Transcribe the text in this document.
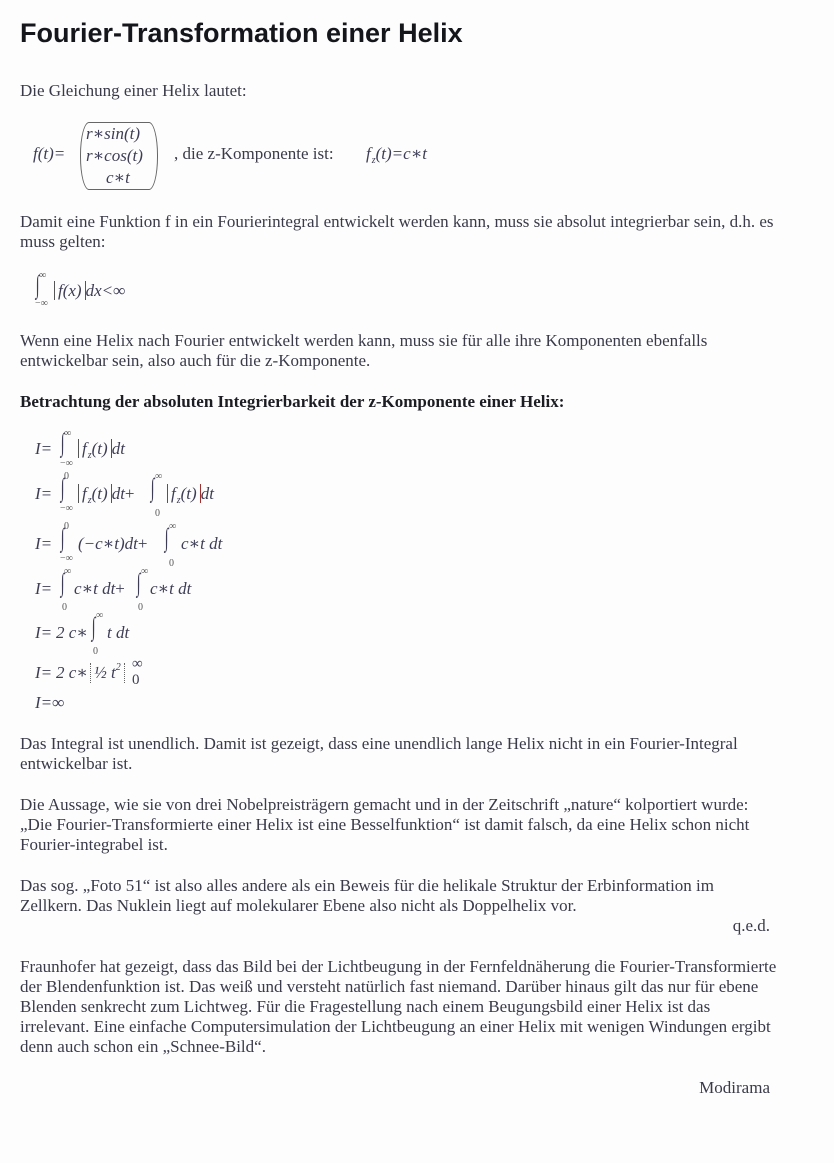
Fourier-Transformation einer Helix

Die Gleichung einer Helix lautet:

f(t)=
r∗sin(t)
r∗cos(t)
c∗t
, die z-Komponente ist: $f_z(t)=c∗t$

Damit eine Funktion f in ein Fourierintegral entwickelt werden kann, muss sie absolut integrierbar sein, d.h. es muss gelten:

∞
∫
−∞
f(x) dx<∞

Wenn eine Helix nach Fourier entwickelt werden kann, muss sie für alle ihre Komponenten ebenfalls entwickelbar sein, also auch für die z-Komponente.

Betrachtung der absoluten Integrierbarkeit der z-Komponente einer Helix:

I=
∞
∫
−∞
$f_z(t)$ dt
I=
0
∫
−∞
$f_z(t)$ dt+
∞
∫
0
$f_z(t)$ dt
I=
0
∫
−∞
(−c∗t)dt+
∞
∫
0
c∗t dt
I=
∞
∫
0
c∗t dt+
∞
∫
0
c∗t dt
I= 2 c∗
∞
∫
0
t dt
I= 2 c∗ ½ $t^2$ ∞
0
I=∞

Das Integral ist unendlich. Damit ist gezeigt, dass eine unendlich lange Helix nicht in ein Fourier-Integral entwickelbar ist.

Die Aussage, wie sie von drei Nobelpreisträgern gemacht und in der Zeitschrift „nature“ kolportiert wurde: „Die Fourier-Transformierte einer Helix ist eine Besselfunktion“ ist damit falsch, da eine Helix schon nicht Fourier-integrabel ist.

Das sog. „Foto 51“ ist also alles andere als ein Beweis für die helikale Struktur der Erbinformation im Zellkern. Das Nuklein liegt auf molekularer Ebene also nicht als Doppelhelix vor.

q.e.d.

Fraunhofer hat gezeigt, dass das Bild bei der Lichtbeugung in der Fernfeldnäherung die Fourier-Transformierte der Blendenfunktion ist. Das weiß und versteht natürlich fast niemand. Darüber hinaus gilt das nur für ebene Blenden senkrecht zum Lichtweg. Für die Fragestellung nach einem Beugungsbild einer Helix ist das irrelevant. Eine einfache Computersimulation der Lichtbeugung an einer Helix mit wenigen Windungen ergibt denn auch schon ein „Schnee-Bild“.

Modirama
